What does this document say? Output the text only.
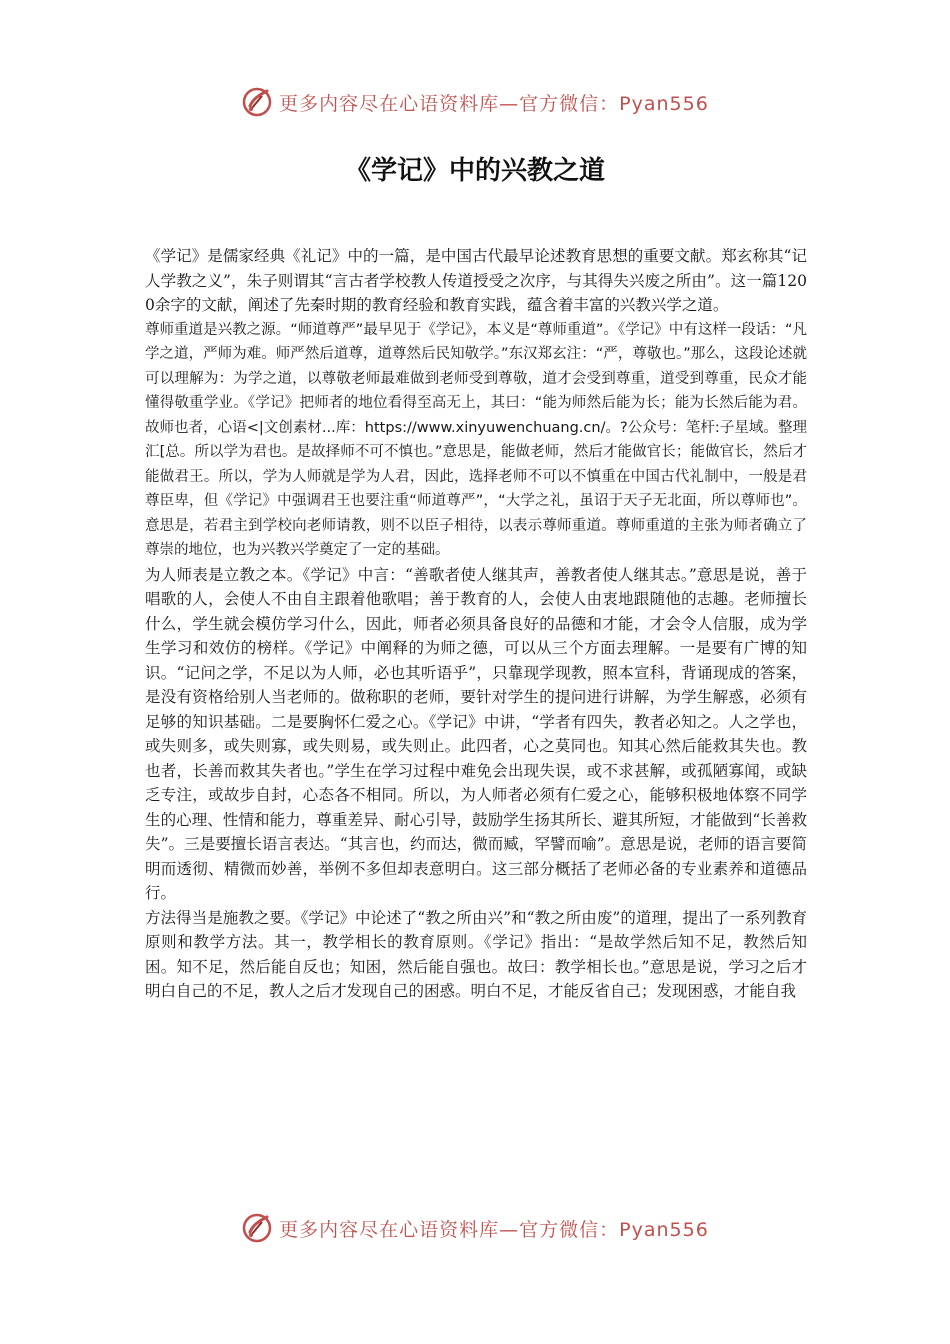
更多内容尽在心语资料库—官方微信：Pyan556
《学记》中的兴教之道

《学记》是儒家经典《礼记》中的一篇，是中国古代最早论述教育思想的重要文献。郑玄称其“记人学教之义”，朱子则谓其“言古者学校教人传道授受之次序，与其得失兴废之所由”。这一篇1200余字的文献，阐述了先秦时期的教育经验和教育实践，蕴含着丰富的兴教兴学之道。

尊师重道是兴教之源。“师道尊严”最早见于《学记》，本义是“尊师重道”。《学记》中有这样一段话：“凡学之道，严师为难。师严然后道尊，道尊然后民知敬学。”东汉郑玄注：“严，尊敬也。”那么，这段论述就可以理解为：为学之道，以尊敬老师最难做到老师受到尊敬，道才会受到尊重，道受到尊重，民众才能懂得敬重学业。《学记》把师者的地位看得至高无上，其曰：“能为师然后能为长；能为长然后能为君。故师也者，心语<|文创素材...库：https://www.xinyuwenchuang.cn/。?公众号：笔杆:子星域。整理汇[总。所以学为君也。是故择师不可不慎也。”意思是，能做老师，然后才能做官长；能做官长，然后才能做君王。所以，学为人师就是学为人君，因此，选择老师不可以不慎重在中国古代礼制中，一般是君尊臣卑，但《学记》中强调君王也要注重“师道尊严”，“大学之礼，虽诏于天子无北面，所以尊师也”。意思是，若君主到学校向老师请教，则不以臣子相待，以表示尊师重道。尊师重道的主张为师者确立了尊崇的地位，也为兴教兴学奠定了一定的基础。

为人师表是立教之本。《学记》中言：“善歌者使人继其声，善教者使人继其志。”意思是说，善于唱歌的人，会使人不由自主跟着他歌唱；善于教育的人，会使人由衷地跟随他的志趣。老师擅长什么，学生就会模仿学习什么，因此，师者必须具备良好的品德和才能，才会令人信服，成为学生学习和效仿的榜样。《学记》中阐释的为师之德，可以从三个方面去理解。一是要有广博的知识。“记问之学，不足以为人师，必也其听语乎”，只靠现学现教，照本宣科，背诵现成的答案，是没有资格给别人当老师的。做称职的老师，要针对学生的提问进行讲解，为学生解惑，必须有足够的知识基础。二是要胸怀仁爱之心。《学记》中讲，“学者有四失，教者必知之。人之学也，或失则多，或失则寡，或失则易，或失则止。此四者，心之莫同也。知其心然后能救其失也。教也者，长善而救其失者也。”学生在学习过程中难免会出现失误，或不求甚解，或孤陋寡闻，或缺乏专注，或故步自封，心态各不相同。所以，为人师者必须有仁爱之心，能够积极地体察不同学生的心理、性情和能力，尊重差异、耐心引导，鼓励学生扬其所长、避其所短，才能做到“长善救失”。三是要擅长语言表达。“其言也，约而达，微而臧，罕譬而喻”。意思是说，老师的语言要简明而透彻、精微而妙善，举例不多但却表意明白。这三部分概括了老师必备的专业素养和道德品行。

方法得当是施教之要。《学记》中论述了“教之所由兴”和“教之所由废”的道理，提出了一系列教育原则和教学方法。其一，教学相长的教育原则。《学记》指出：“是故学然后知不足，教然后知困。知不足，然后能自反也；知困，然后能自强也。故曰：教学相长也。”意思是说，学习之后才明白自己的不足，教人之后才发现自己的困惑。明白不足，才能反省自己；发现困惑，才能自我

更多内容尽在心语资料库—官方微信：Pyan556
